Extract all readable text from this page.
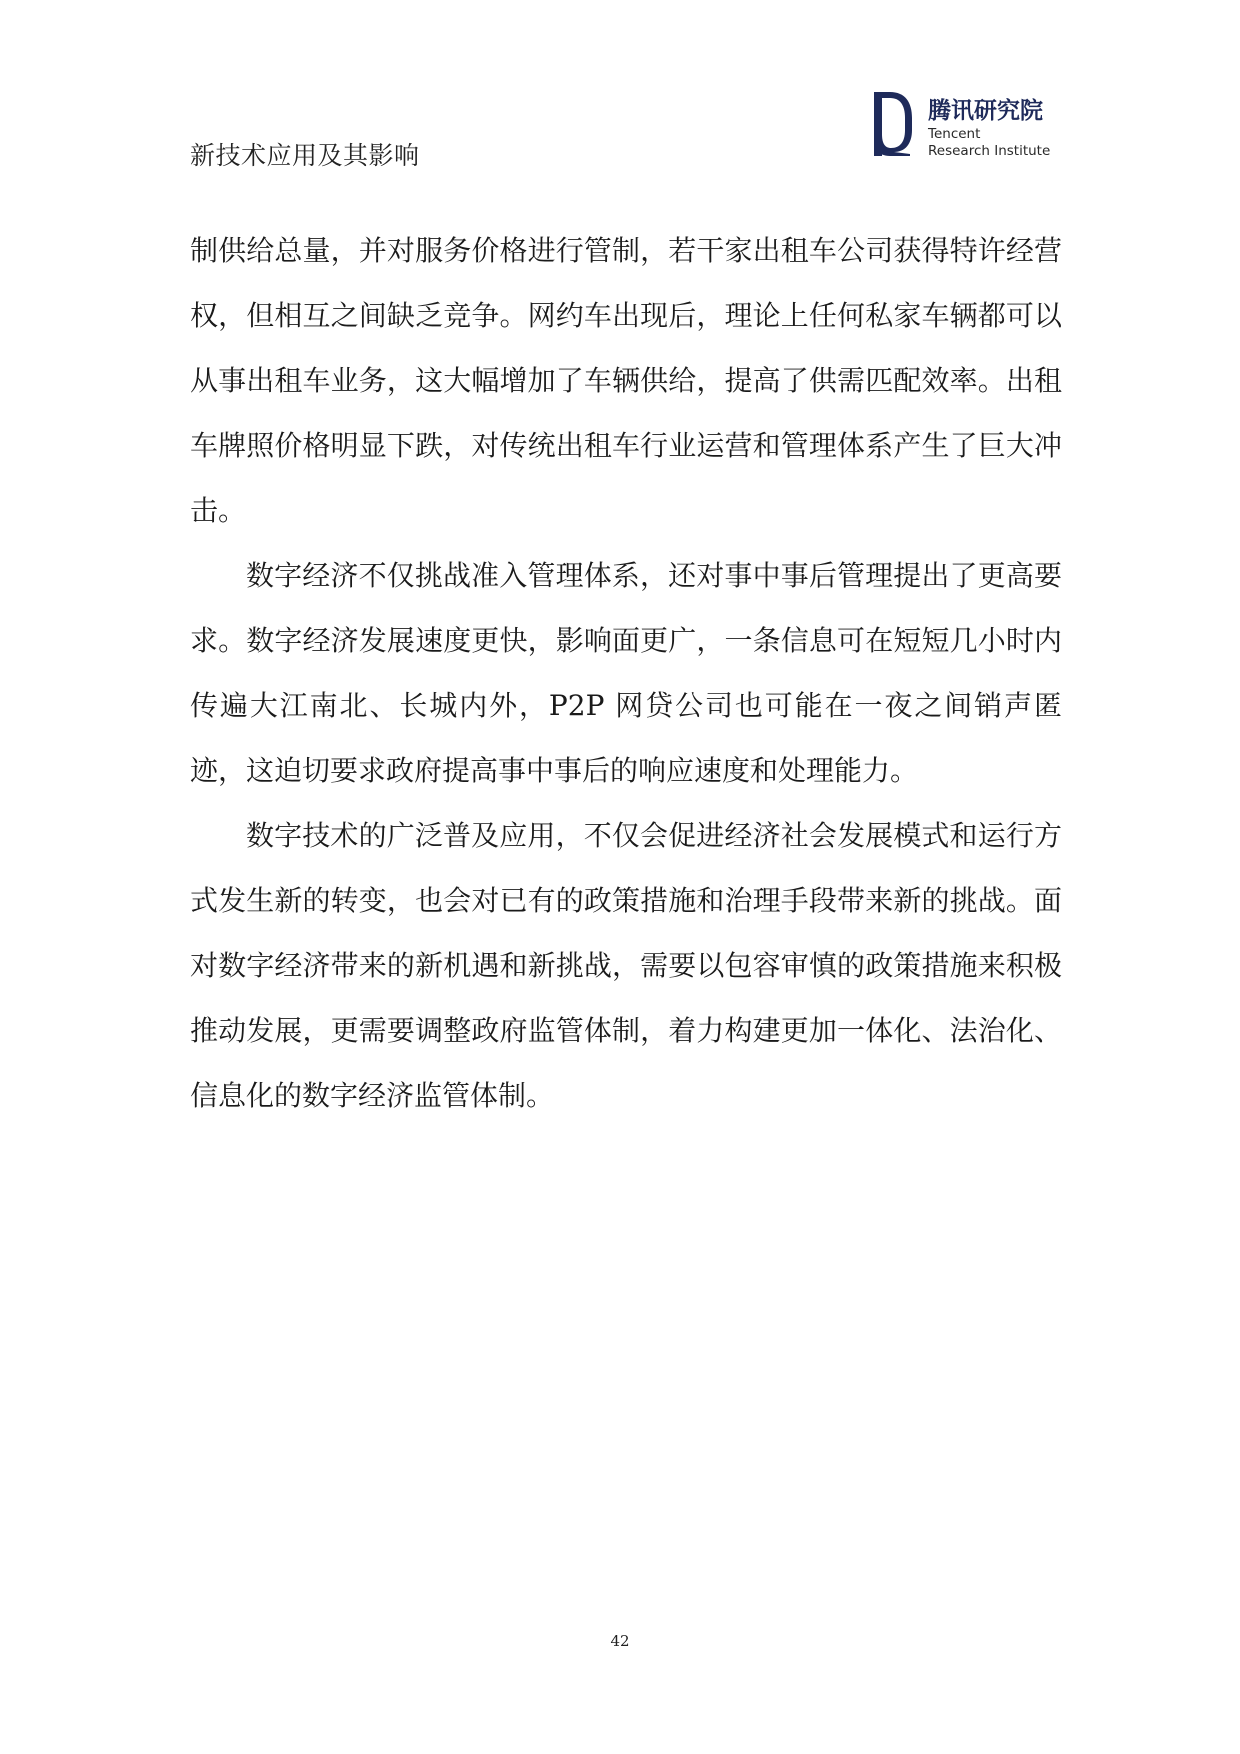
新技术应用及其影响
腾讯研究院
Tencent
Research Institute

制供给总量，并对服务价格进行管制，若干家出租车公司获得特许经营权，但相互之间缺乏竞争。网约车出现后，理论上任何私家车辆都可以从事出租车业务，这大幅增加了车辆供给，提高了供需匹配效率。出租车牌照价格明显下跌，对传统出租车行业运营和管理体系产生了巨大冲击。

数字经济不仅挑战准入管理体系，还对事中事后管理提出了更高要求。数字经济发展速度更快，影响面更广，一条信息可在短短几小时内传遍大江南北、长城内外，P2P 网贷公司也可能在一夜之间销声匿迹，这迫切要求政府提高事中事后的响应速度和处理能力。

数字技术的广泛普及应用，不仅会促进经济社会发展模式和运行方式发生新的转变，也会对已有的政策措施和治理手段带来新的挑战。面对数字经济带来的新机遇和新挑战，需要以包容审慎的政策措施来积极推动发展，更需要调整政府监管体制，着力构建更加一体化、法治化、信息化的数字经济监管体制。

42
